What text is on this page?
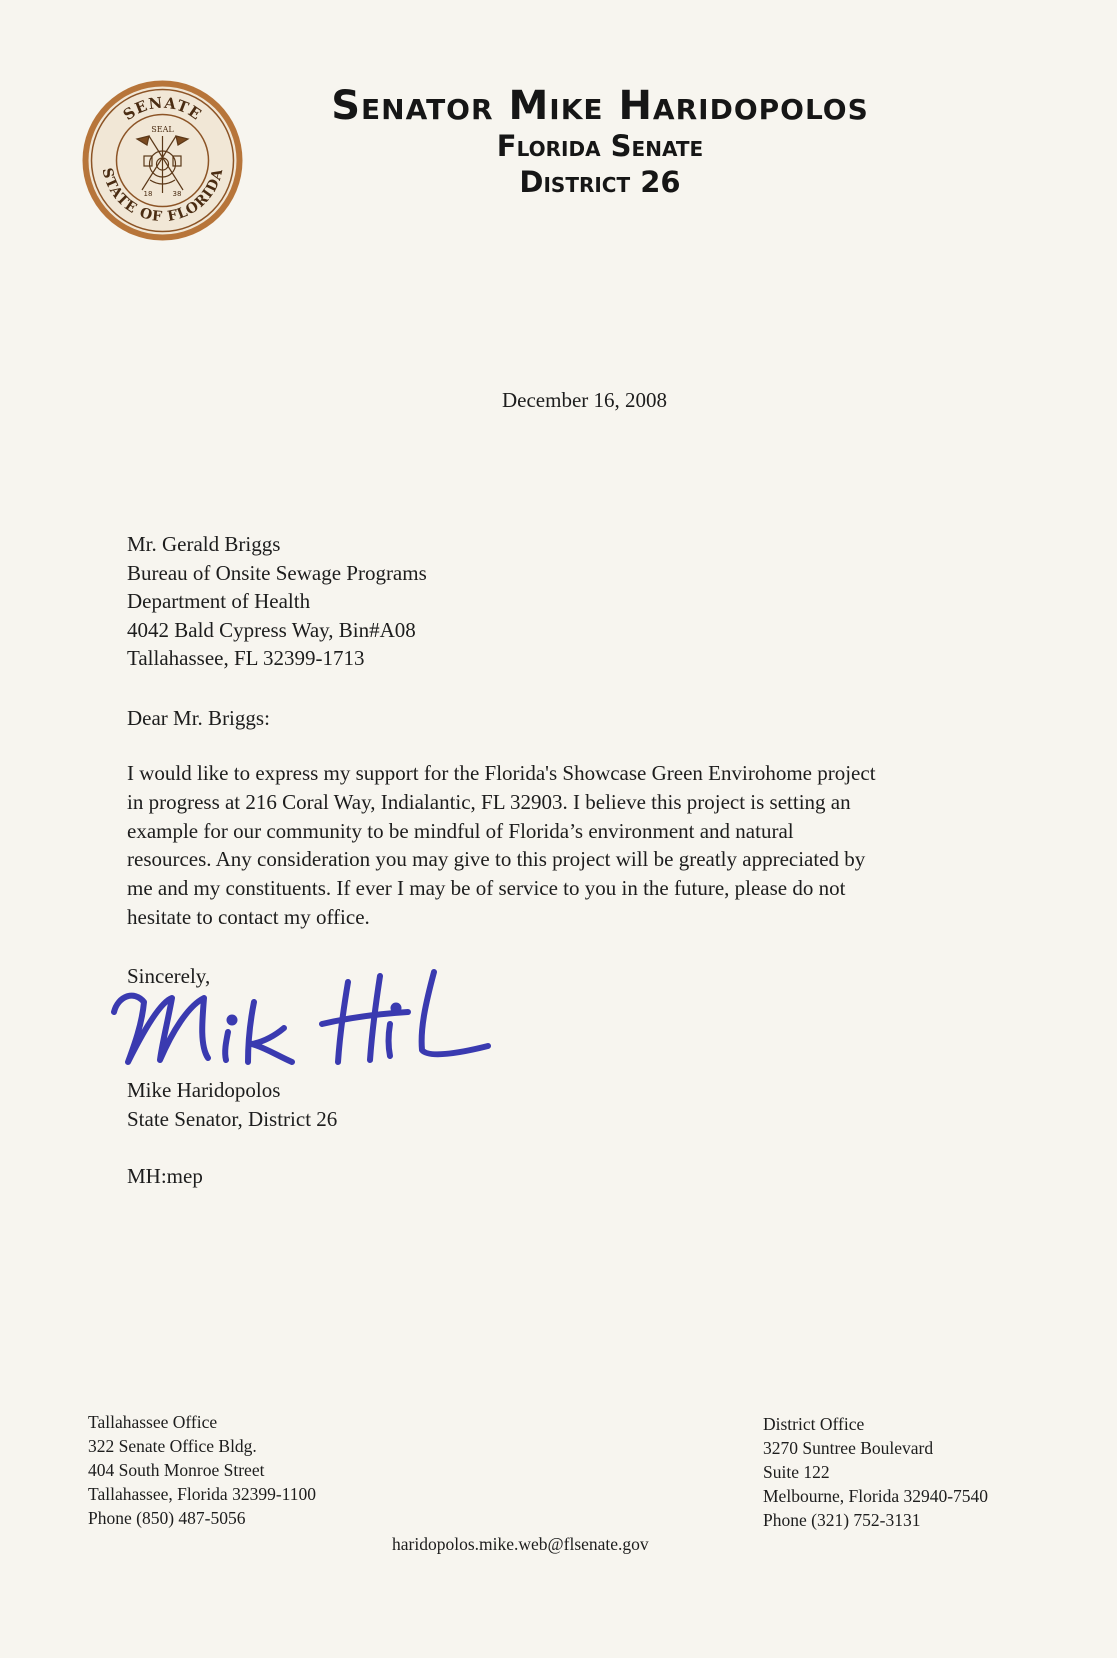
SENATE
STATE OF FLORIDA
SEAL
18	38
Senator Mike Haridopolos
Florida Senate
District 26
December 16, 2008
Mr. Gerald Briggs
Bureau of Onsite Sewage Programs
Department of Health
4042 Bald Cypress Way, Bin#A08
Tallahassee, FL 32399-1713
Dear Mr. Briggs:
I would like to express my support for the Florida's Showcase Green Envirohome project
in progress at 216 Coral Way, Indialantic, FL 32903. I believe this project is setting an
example for our community to be mindful of Florida’s environment and natural
resources. Any consideration you may give to this project will be greatly appreciated by
me and my constituents. If ever I may be of service to you in the future, please do not
hesitate to contact my office.
Sincerely,
Mike Haridopolos
State Senator, District 26
MH:mep
Tallahassee Office
322 Senate Office Bldg.
404 South Monroe Street
Tallahassee, Florida 32399-1100
Phone (850) 487-5056
District Office
3270 Suntree Boulevard
Suite 122
Melbourne, Florida 32940-7540
Phone (321) 752-3131
haridopolos.mike.web@flsenate.gov
